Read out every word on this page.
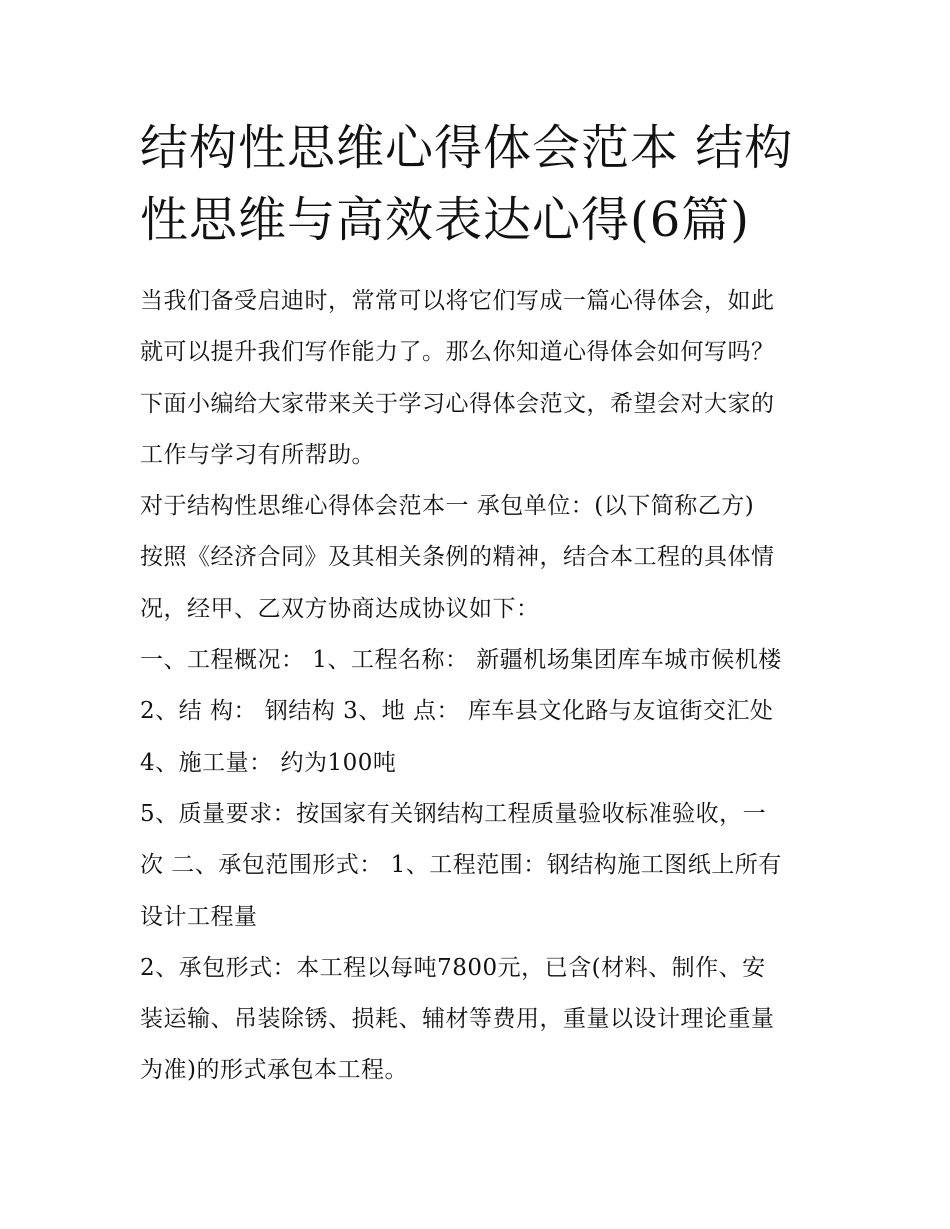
结构性思维心得体会范本 结构
性思维与高效表达心得(6篇)
当我们备受启迪时，常常可以将它们写成一篇心得体会，如此
就可以提升我们写作能力了。那么你知道心得体会如何写吗？
下面小编给大家带来关于学习心得体会范文，希望会对大家的
工作与学习有所帮助。
对于结构性思维心得体会范本一 承包单位：(以下简称乙方)
按照《经济合同》及其相关条例的精神，结合本工程的具体情
况，经甲、乙双方协商达成协议如下：
一、工程概况： 1、工程名称： 新疆机场集团库车城市候机楼
2、结 构： 钢结构 3、地 点： 库车县文化路与友谊街交汇处
4、施工量： 约为100吨
5、质量要求：按国家有关钢结构工程质量验收标准验收，一
次 二、承包范围形式： 1、工程范围：钢结构施工图纸上所有
设计工程量
2、承包形式：本工程以每吨7800元，已含(材料、制作、安
装运输、吊装除锈、损耗、辅材等费用，重量以设计理论重量
为准)的形式承包本工程。
